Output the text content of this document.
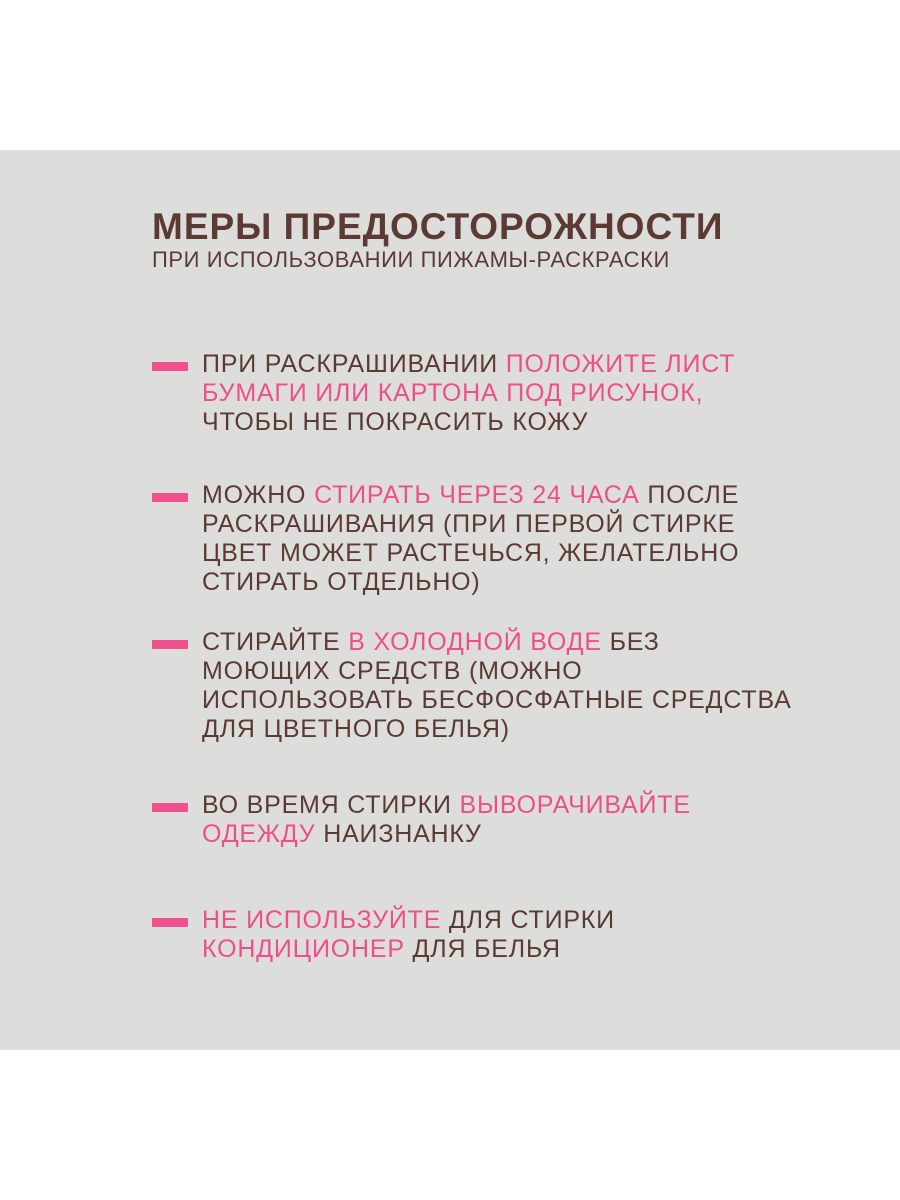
МЕРЫ ПРЕДОСТОРОЖНОСТИ

ПРИ ИСПОЛЬЗОВАНИИ ПИЖАМЫ-РАСКРАСКИ

ПРИ РАСКРАШИВАНИИ ПОЛОЖИТЕ ЛИСТ БУМАГИ ИЛИ КАРТОНА ПОД РИСУНОК, ЧТОБЫ НЕ ПОКРАСИТЬ КОЖУ

МОЖНО СТИРАТЬ ЧЕРЕЗ 24 ЧАСА ПОСЛЕ РАСКРАШИВАНИЯ (ПРИ ПЕРВОЙ СТИРКЕ ЦВЕТ МОЖЕТ РАСТЕЧЬСЯ, ЖЕЛАТЕЛЬНО СТИРАТЬ ОТДЕЛЬНО)

СТИРАЙТЕ В ХОЛОДНОЙ ВОДЕ БЕЗ МОЮЩИХ СРЕДСТВ (МОЖНО ИСПОЛЬЗОВАТЬ БЕСФОСФАТНЫЕ СРЕДСТВА ДЛЯ ЦВЕТНОГО БЕЛЬЯ)

ВО ВРЕМЯ СТИРКИ ВЫВОРАЧИВАЙТЕ ОДЕЖДУ НАИЗНАНКУ

НЕ ИСПОЛЬЗУЙТЕ ДЛЯ СТИРКИ КОНДИЦИОНЕР ДЛЯ БЕЛЬЯ
